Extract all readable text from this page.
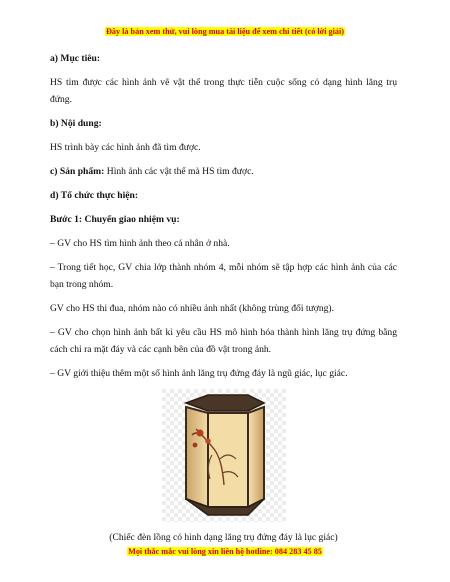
Đây là bản xem thử, vui lòng mua tài liệu để xem chi tiết (có lời giải)

a) Mục tiêu:

HS tìm được các hình ảnh vẽ vật thể trong thực tiễn cuộc sống có dạng hình lăng trụ đứng.

b) Nội dung:

HS trình bày các hình ảnh đã tìm được.

c) Sản phẩm: Hình ảnh các vật thể mà HS tìm được.

d) Tổ chức thực hiện:

Bước 1: Chuyển giao nhiệm vụ:

– GV cho HS tìm hình ảnh theo cá nhân ở nhà.

– Trong tiết học, GV chia lớp thành nhóm 4, mỗi nhóm sẽ tập hợp các hình ảnh của các bạn trong nhóm.

GV cho HS thi đua, nhóm nào có nhiều ảnh nhất (không trùng đối tượng).

– GV cho chọn hình ảnh bất kì yêu cầu HS mô hình hóa thành hình lăng trụ đứng bằng cách chỉ ra mặt đáy và các cạnh bên của đồ vật trong ảnh.

– GV giới thiệu thêm một số hình ảnh lăng trụ đứng đáy là ngũ giác, lục giác.

(Chiếc đèn lồng có hình dạng lăng trụ đứng đáy là lục giác)

Mọi thắc mắc vui lòng xin liên hệ hotline: 084 283 45 85
